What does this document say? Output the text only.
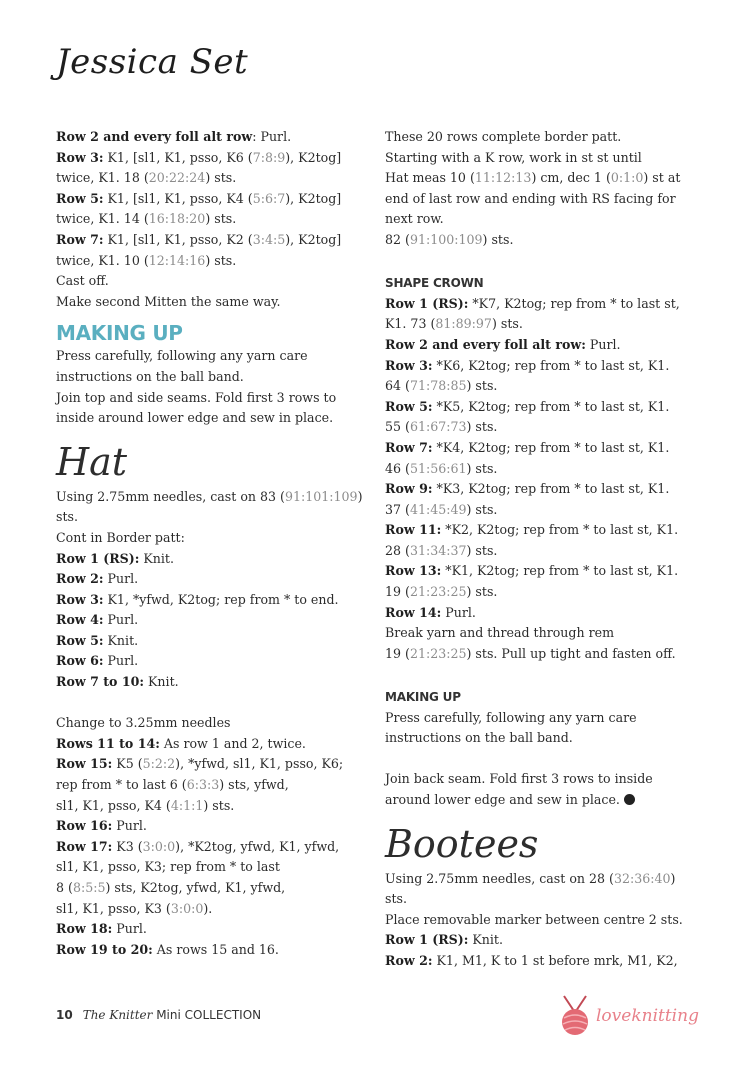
Jessica Set
Row 2 and every foll alt row: Purl.
Row 3: K1, [sl1, K1, psso, K6 (7:8:9), K2tog]
twice, K1. 18 (20:22:24) sts.
Row 5: K1, [sl1, K1, psso, K4 (5:6:7), K2tog]
twice, K1. 14 (16:18:20) sts.
Row 7: K1, [sl1, K1, psso, K2 (3:4:5), K2tog]
twice, K1. 10 (12:14:16) sts.
Cast off.
Make second Mitten the same way.
MAKING UP
Press carefully, following any yarn care
instructions on the ball band.
Join top and side seams. Fold first 3 rows to
inside around lower edge and sew in place.
Hat
Using 2.75mm needles, cast on 83 (91:101:109)
sts.
Cont in Border patt:
Row 1 (RS): Knit.
Row 2: Purl.
Row 3: K1, *yfwd, K2tog; rep from * to end.
Row 4: Purl.
Row 5: Knit.
Row 6: Purl.
Row 7 to 10: Knit.
Change to 3.25mm needles
Rows 11 to 14: As row 1 and 2, twice.
Row 15: K5 (5:2:2), *yfwd, sl1, K1, psso, K6;
rep from * to last 6 (6:3:3) sts, yfwd,
sl1, K1, psso, K4 (4:1:1) sts.
Row 16: Purl.
Row 17: K3 (3:0:0), *K2tog, yfwd, K1, yfwd,
sl1, K1, psso, K3; rep from * to last
8 (8:5:5) sts, K2tog, yfwd, K1, yfwd,
sl1, K1, psso, K3 (3:0:0).
Row 18: Purl.
Row 19 to 20: As rows 15 and 16.
These 20 rows complete border patt.
Starting with a K row, work in st st until
Hat meas 10 (11:12:13) cm, dec 1 (0:1:0) st at
end of last row and ending with RS facing for
next row.
82 (91:100:109) sts.
SHAPE CROWN
Row 1 (RS): *K7, K2tog; rep from * to last st,
K1. 73 (81:89:97) sts.
Row 2 and every foll alt row: Purl.
Row 3: *K6, K2tog; rep from * to last st, K1.
64 (71:78:85) sts.
Row 5: *K5, K2tog; rep from * to last st, K1.
55 (61:67:73) sts.
Row 7: *K4, K2tog; rep from * to last st, K1.
46 (51:56:61) sts.
Row 9: *K3, K2tog; rep from * to last st, K1.
37 (41:45:49) sts.
Row 11: *K2, K2tog; rep from * to last st, K1.
28 (31:34:37) sts.
Row 13: *K1, K2tog; rep from * to last st, K1.
19 (21:23:25) sts.
Row 14: Purl.
Break yarn and thread through rem
19 (21:23:25) sts. Pull up tight and fasten off.
MAKING UP
Press carefully, following any yarn care
instructions on the ball band.
Join back seam. Fold first 3 rows to inside
around lower edge and sew in place.
Bootees
Using 2.75mm needles, cast on 28 (32:36:40)
sts.
Place removable marker between centre 2 sts.
Row 1 (RS): Knit.
Row 2: K1, M1, K to 1 st before mrk, M1, K2,
10 The Knitter Mini COLLECTION	loveknitting
